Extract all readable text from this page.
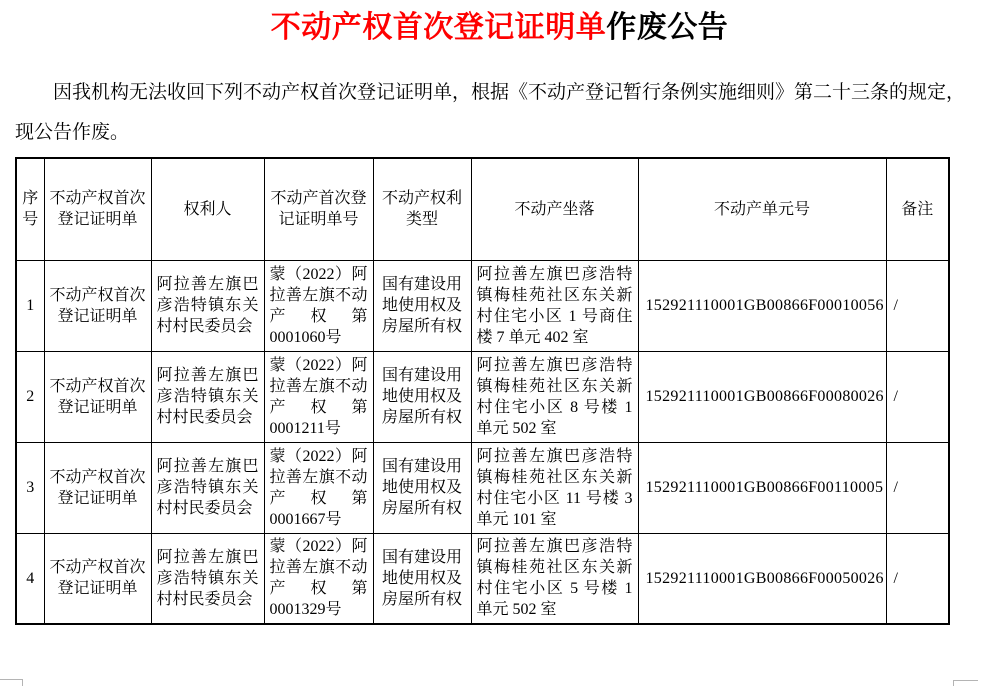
不动产权首次登记证明单作废公告
因我机构无法收回下列不动产权首次登记证明单，根据《不动产登记暂行条例实施细则》第二十三条的规定，
现公告作废。
序号	不动产权首次登记证明单	权利人	不动产首次登记证明单号	不动产权利类型	不动产坐落	不动产单元号	备注
1	不动产权首次登记证明单	阿拉善左旗巴彦浩特镇东关村村民委员会	蒙（2022）阿拉善左旗不动产权第0001060号	国有建设用地使用权及房屋所有权	阿拉善左旗巴彦浩特镇梅桂苑社区东关新村住宅小区 1 号商住楼 7 单元 402 室	152921110001GB00866F00010056	/
2	不动产权首次登记证明单	阿拉善左旗巴彦浩特镇东关村村民委员会	蒙（2022）阿拉善左旗不动产权第0001211号	国有建设用地使用权及房屋所有权	阿拉善左旗巴彦浩特镇梅桂苑社区东关新村住宅小区 8 号楼 1 单元 502 室	152921110001GB00866F00080026	/
3	不动产权首次登记证明单	阿拉善左旗巴彦浩特镇东关村村民委员会	蒙（2022）阿拉善左旗不动产权第0001667号	国有建设用地使用权及房屋所有权	阿拉善左旗巴彦浩特镇梅桂苑社区东关新村住宅小区 11 号楼 3 单元 101 室	152921110001GB00866F00110005	/
4	不动产权首次登记证明单	阿拉善左旗巴彦浩特镇东关村村民委员会	蒙（2022）阿拉善左旗不动产权第0001329号	国有建设用地使用权及房屋所有权	阿拉善左旗巴彦浩特镇梅桂苑社区东关新村住宅小区 5 号楼 1 单元 502 室	152921110001GB00866F00050026	/
